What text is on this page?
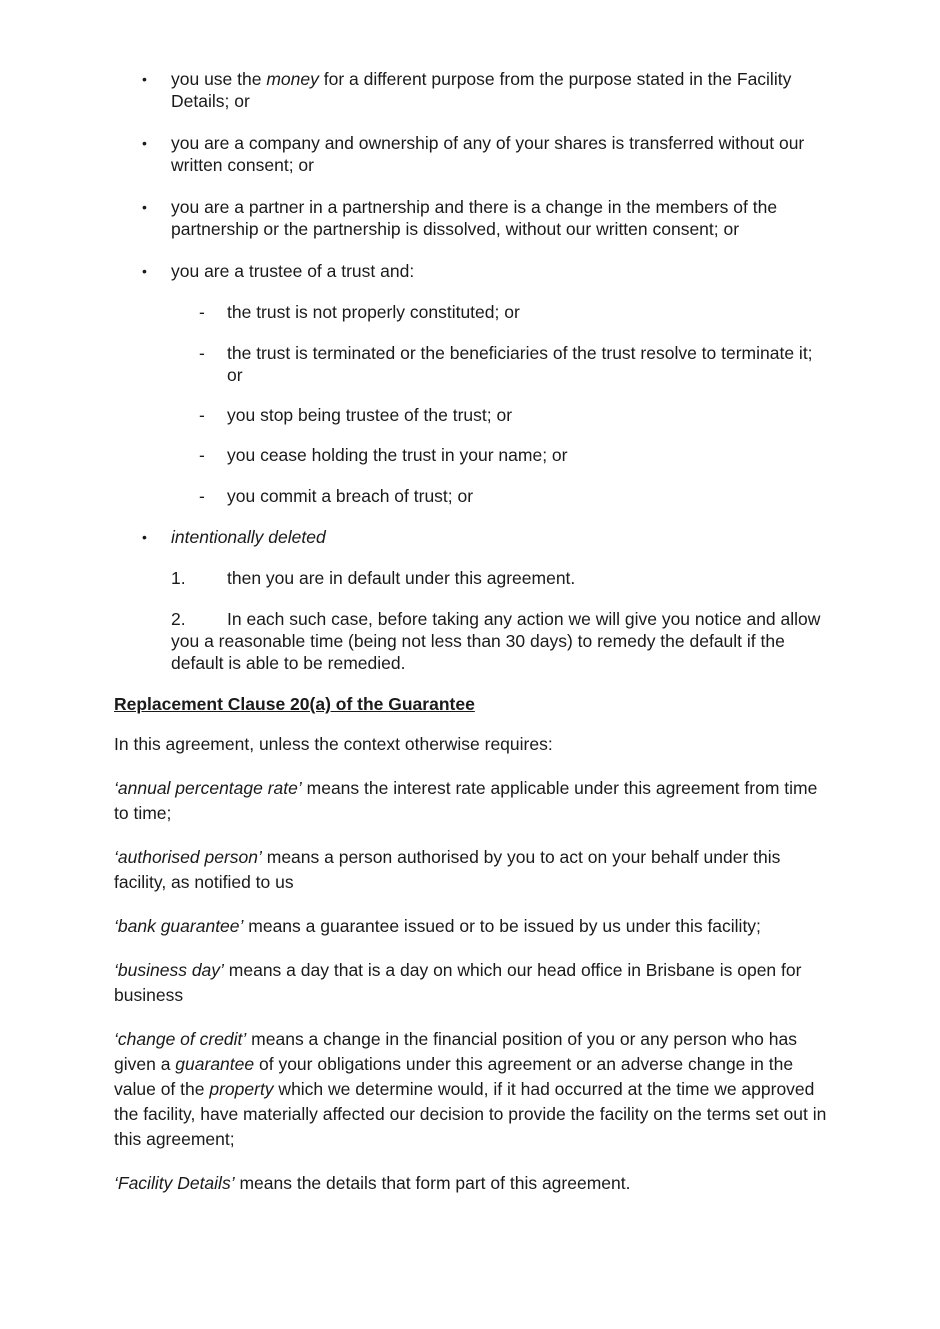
• you use the money for a different purpose from the purpose stated in the Facility Details; or
• you are a company and ownership of any of your shares is transferred without our written consent; or
• you are a partner in a partnership and there is a change in the members of the partnership or the partnership is dissolved, without our written consent; or
• you are a trustee of a trust and:
- the trust is not properly constituted; or
- the trust is terminated or the beneficiaries of the trust resolve to terminate it; or
- you stop being trustee of the trust; or
- you cease holding the trust in your name; or
- you commit a breach of trust; or
• intentionally deleted
1. then you are in default under this agreement.
2. In each such case, before taking any action we will give you notice and allow you a reasonable time (being not less than 30 days) to remedy the default if the default is able to be remedied.
Replacement Clause 20(a) of the Guarantee
In this agreement, unless the context otherwise requires:
‘annual percentage rate’ means the interest rate applicable under this agreement from time to time;
‘authorised person’ means a person authorised by you to act on your behalf under this facility, as notified to us
‘bank guarantee’ means a guarantee issued or to be issued by us under this facility;
‘business day’ means a day that is a day on which our head office in Brisbane is open for business
‘change of credit’ means a change in the financial position of you or any person who has given a guarantee of your obligations under this agreement or an adverse change in the value of the property which we determine would, if it had occurred at the time we approved the facility, have materially affected our decision to provide the facility on the terms set out in this agreement;
‘Facility Details’ means the details that form part of this agreement.
